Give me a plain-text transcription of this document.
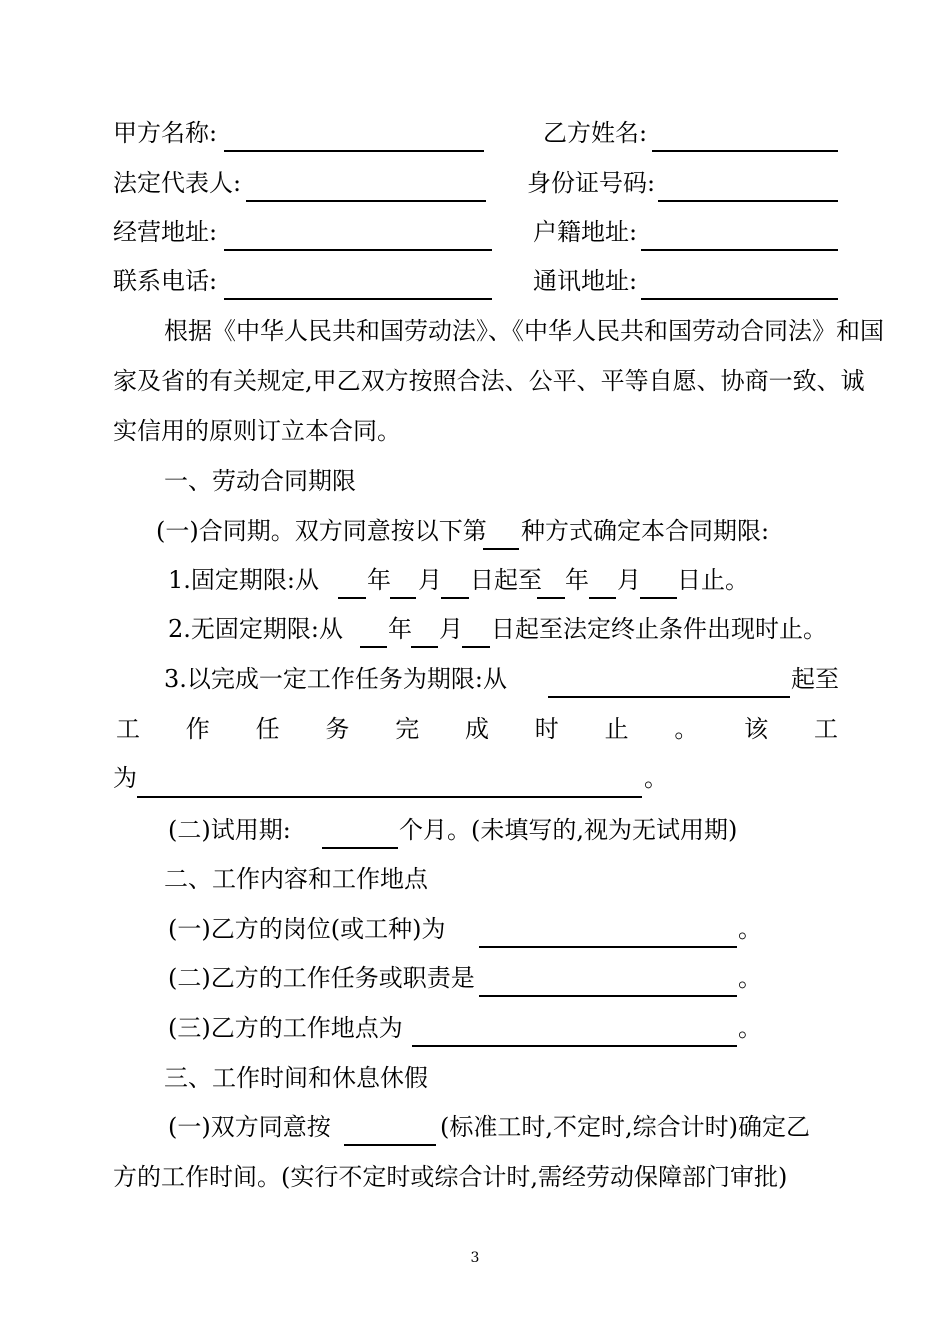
甲方名称:	乙方姓名:
法定代表人:	身份证号码:
经营地址:	户籍地址:
联系电话:	通讯地址:
根据《中华人民共和国劳动法》、《中华人民共和国劳动合同法》和国
家及省的有关规定,甲乙双方按照合法、公平、平等自愿、协商一致、诚
实信用的原则订立本合同。
一、劳动合同期限
(一)合同期。双方同意按以下第 种方式确定本合同期限:
1.固定期限:从 年 月 日起至 年 月 日止。
2.无固定期限:从 年 月 日起至法定终止条件出现时止。
3.以完成一定工作任务为期限:从	起至
工 作 任 务 完 成 时 止 。 该 工
为	。
(二)试用期:	个月。(未填写的,视为无试用期)
二、工作内容和工作地点
(一)乙方的岗位(或工种)为	。
(二)乙方的工作任务或职责是	。
(三)乙方的工作地点为	。
三、工作时间和休息休假
(一)双方同意按	(标准工时,不定时,综合计时)确定乙
方的工作时间。(实行不定时或综合计时,需经劳动保障部门审批)
3
